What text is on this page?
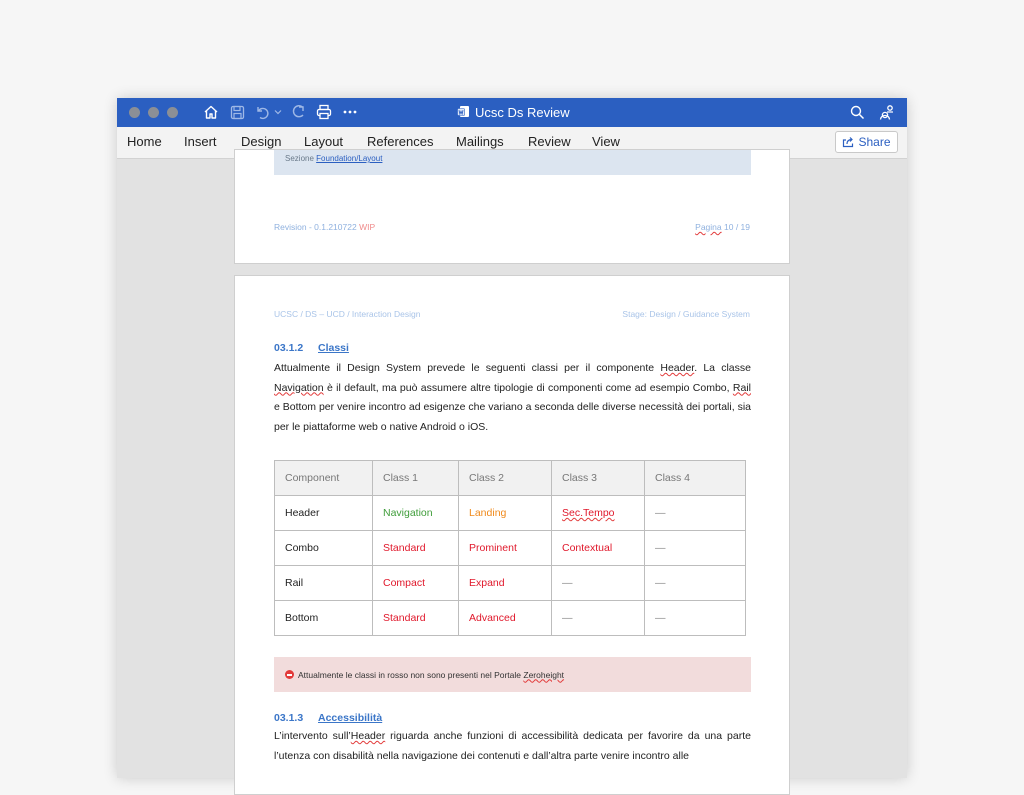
Ucsc Ds Review
Home Insert Design Layout References Mailings Review View	Share
Sezione Foundation/Layout
Revision - 0.1.210722 WIP	Pagina 10 / 19
UCSC / DS – UCD / Interaction Design	Stage: Design / Guidance System
03.1.2 Classi
Attualmente il Design System prevede le seguenti classi per il componente Header. La classe Navigation è il default, ma può assumere altre tipologie di componenti come ad esempio Combo, Rail e Bottom per venire incontro ad esigenze che variano a seconda delle diverse necessità dei portali, sia per le piattaforme web o native Android o iOS.
Component	Class 1	Class 2	Class 3	Class 4
Header	Navigation	Landing	Sec.Tempo	—
Combo	Standard	Prominent	Contextual	—
Rail	Compact	Expand	—	—
Bottom	Standard	Advanced	—	—
Attualmente le classi in rosso non sono presenti nel Portale
Zeroheight
03.1.3 Accessibilità
L’intervento sull’Header riguarda anche funzioni di accessibilità dedicata per favorire da una parte l’utenza con disabilità nella navigazione dei contenuti e dall’altra parte venire incontro alle
